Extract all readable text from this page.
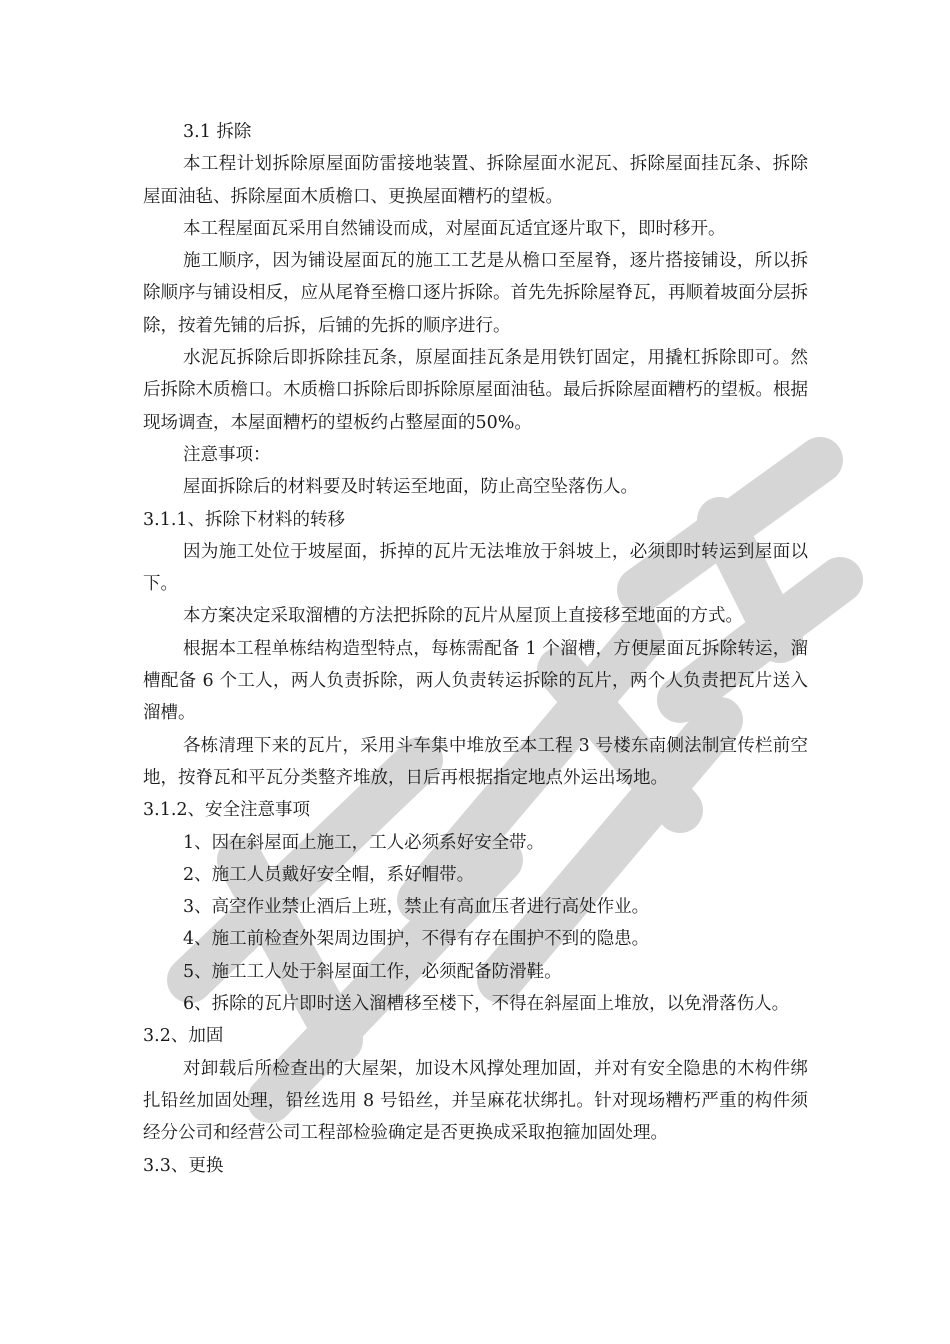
3.1 拆除

本工程计划拆除原屋面防雷接地装置、拆除屋面水泥瓦、拆除屋面挂瓦条、拆除屋面油毡、拆除屋面木质檐口、更换屋面糟朽的望板。

本工程屋面瓦采用自然铺设而成，对屋面瓦适宜逐片取下，即时移开。

施工顺序，因为铺设屋面瓦的施工工艺是从檐口至屋脊，逐片搭接铺设，所以拆除顺序与铺设相反，应从尾脊至檐口逐片拆除。首先先拆除屋脊瓦，再顺着坡面分层拆除，按着先铺的后拆，后铺的先拆的顺序进行。

水泥瓦拆除后即拆除挂瓦条，原屋面挂瓦条是用铁钉固定，用撬杠拆除即可。然后拆除木质檐口。木质檐口拆除后即拆除原屋面油毡。最后拆除屋面糟朽的望板。根据现场调查，本屋面糟朽的望板约占整屋面的50%。

注意事项：

屋面拆除后的材料要及时转运至地面，防止高空坠落伤人。

3.1.1、拆除下材料的转移

因为施工处位于坡屋面，拆掉的瓦片无法堆放于斜坡上，必须即时转运到屋面以下。

本方案决定采取溜槽的方法把拆除的瓦片从屋顶上直接移至地面的方式。

根据本工程单栋结构造型特点，每栋需配备 1 个溜槽，方便屋面瓦拆除转运，溜槽配备 6 个工人，两人负责拆除，两人负责转运拆除的瓦片，两个人负责把瓦片送入溜槽。

各栋清理下来的瓦片，采用斗车集中堆放至本工程 3 号楼东南侧法制宣传栏前空地，按脊瓦和平瓦分类整齐堆放，日后再根据指定地点外运出场地。

3.1.2、安全注意事项

1、因在斜屋面上施工，工人必须系好安全带。

2、施工人员戴好安全帽，系好帽带。

3、高空作业禁止酒后上班，禁止有高血压者进行高处作业。

4、施工前检查外架周边围护，不得有存在围护不到的隐患。

5、施工工人处于斜屋面工作，必须配备防滑鞋。

6、拆除的瓦片即时送入溜槽移至楼下，不得在斜屋面上堆放，以免滑落伤人。

3.2、加固

对卸载后所检查出的大屋架，加设木风撑处理加固，并对有安全隐患的木构件绑扎铅丝加固处理，铅丝选用 8 号铅丝，并呈麻花状绑扎。针对现场糟朽严重的构件须经分公司和经营公司工程部检验确定是否更换成采取抱箍加固处理。

3.3、更换
